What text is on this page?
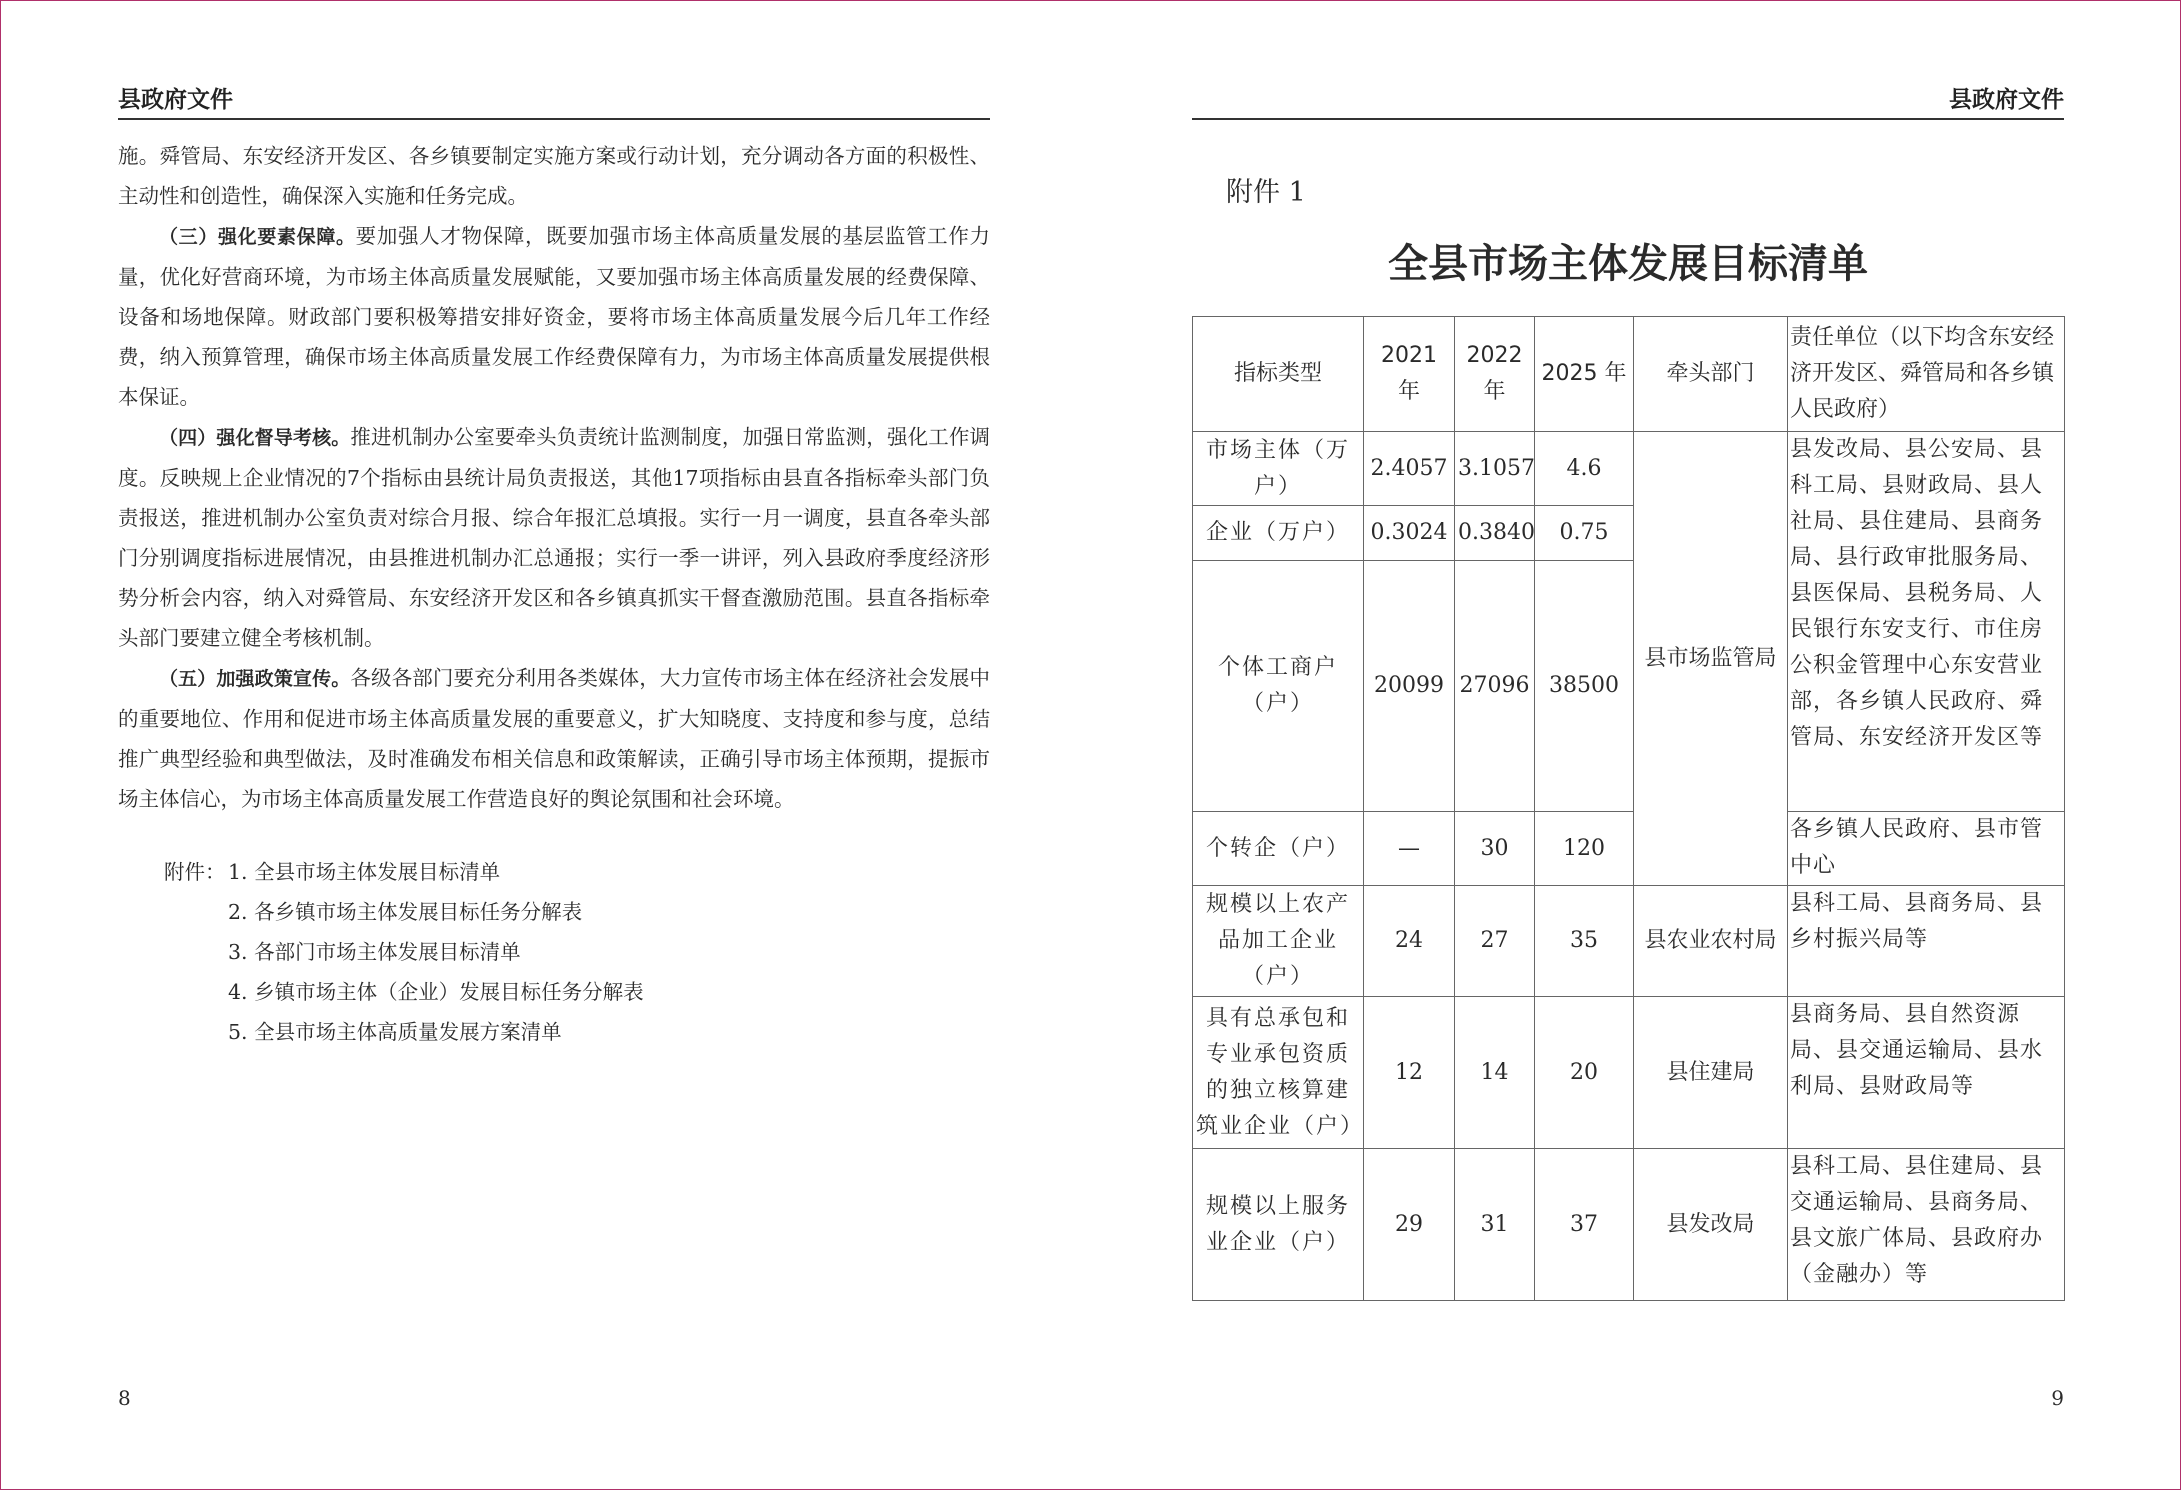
县政府文件

施。舜管局、东安经济开发区、各乡镇要制定实施方案或行动计划，充分调动各方面的积极性、主动性和创造性，确保深入实施和任务完成。

（三）强化要素保障。要加强人才物保障，既要加强市场主体高质量发展的基层监管工作力量，优化好营商环境，为市场主体高质量发展赋能，又要加强市场主体高质量发展的经费保障、设备和场地保障。财政部门要积极筹措安排好资金，要将市场主体高质量发展今后几年工作经费，纳入预算管理，确保市场主体高质量发展工作经费保障有力，为市场主体高质量发展提供根本保证。

（四）强化督导考核。推进机制办公室要牵头负责统计监测制度，加强日常监测，强化工作调度。反映规上企业情况的7个指标由县统计局负责报送，其他17项指标由县直各指标牵头部门负责报送，推进机制办公室负责对综合月报、综合年报汇总填报。实行一月一调度，县直各牵头部门分别调度指标进展情况，由县推进机制办汇总通报；实行一季一讲评，列入县政府季度经济形势分析会内容，纳入对舜管局、东安经济开发区和各乡镇真抓实干督查激励范围。县直各指标牵头部门要建立健全考核机制。

（五）加强政策宣传。各级各部门要充分利用各类媒体，大力宣传市场主体在经济社会发展中的重要地位、作用和促进市场主体高质量发展的重要意义，扩大知晓度、支持度和参与度，总结推广典型经验和典型做法，及时准确发布相关信息和政策解读，正确引导市场主体预期，提振市场主体信心，为市场主体高质量发展工作营造良好的舆论氛围和社会环境。

附件： 1. 全县市场主体发展目标清单
2. 各乡镇市场主体发展目标任务分解表
3. 各部门市场主体发展目标清单
4. 乡镇市场主体（企业）发展目标任务分解表
5. 全县市场主体高质量发展方案清单
8
县政府文件
附件 1
全县市场主体发展目标清单
指标类型	2021 年	2022 年	2025 年	牵头部门	责任单位（以下均含东安经济开发区、舜管局和各乡镇人民政府）
市场主体（万户）	2.4057	3.1057	4.6	县市场监管局	县发改局、县公安局、县科工局、县财政局、县人社局、县住建局、县商务局、县行政审批服务局、县医保局、县税务局、人民银行东安支行、市住房公积金管理中心东安营业部，各乡镇人民政府、舜管局、东安经济开发区等
企业（万户）	0.3024	0.3840	0.75		
个体工商户（户）	20099	27096	38500		
个转企（户）	—	30	120		各乡镇人民政府、县市管中心
规模以上农产品加工企业（户）	24	27	35	县农业农村局	县科工局、县商务局、县乡村振兴局等
具有总承包和专业承包资质的独立核算建筑业企业（户）	12	14	20	县住建局	县商务局、县自然资源局、县交通运输局、县水利局、县财政局等
规模以上服务业企业（户）	29	31	37	县发改局	县科工局、县住建局、县交通运输局、县商务局、县文旅广体局、县政府办（金融办）等
9
